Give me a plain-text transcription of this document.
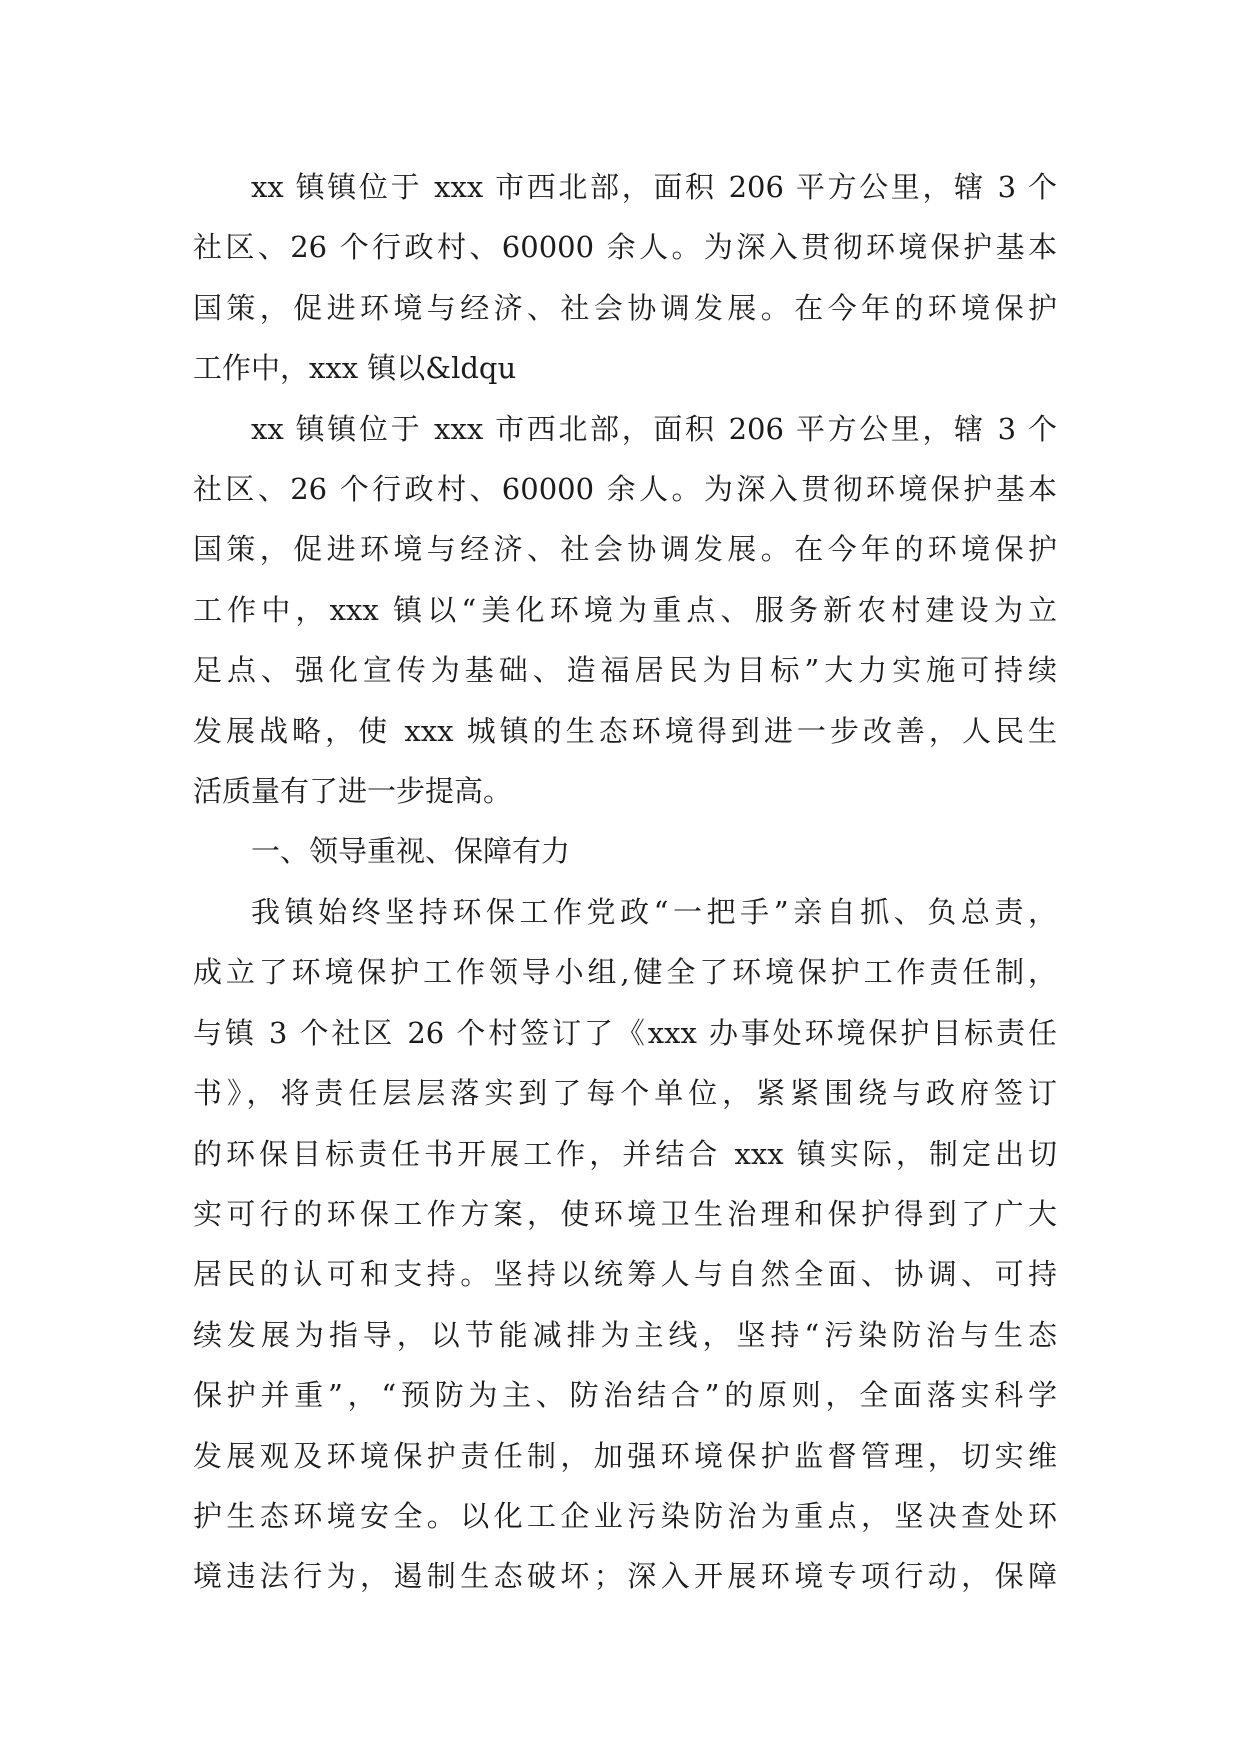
xx 镇镇位于 xxx 市西北部，面积 206 平方公里，辖 3 个
社区、26 个行政村、60000 余人。为深入贯彻环境保护基本
国策，促进环境与经济、社会协调发展。在今年的环境保护
工作中，xxx 镇以&ldqu
xx 镇镇位于 xxx 市西北部，面积 206 平方公里，辖 3 个
社区、26 个行政村、60000 余人。为深入贯彻环境保护基本
国策，促进环境与经济、社会协调发展。在今年的环境保护
工作中，xxx 镇以“美化环境为重点、服务新农村建设为立
足点、强化宣传为基础、造福居民为目标”大力实施可持续
发展战略，使 xxx 城镇的生态环境得到进一步改善，人民生
活质量有了进一步提高。
一、领导重视、保障有力
我镇始终坚持环保工作党政“一把手”亲自抓、负总责，
成立了环境保护工作领导小组,健全了环境保护工作责任制，
与镇 3 个社区 26 个村签订了《xxx 办事处环境保护目标责任
书》，将责任层层落实到了每个单位，紧紧围绕与政府签订
的环保目标责任书开展工作，并结合 xxx 镇实际，制定出切
实可行的环保工作方案，使环境卫生治理和保护得到了广大
居民的认可和支持。坚持以统筹人与自然全面、协调、可持
续发展为指导，以节能减排为主线，坚持“污染防治与生态
保护并重”，“预防为主、防治结合”的原则，全面落实科学
发展观及环境保护责任制，加强环境保护监督管理，切实维
护生态环境安全。以化工企业污染防治为重点，坚决查处环
境违法行为，遏制生态破坏；深入开展环境专项行动，保障
